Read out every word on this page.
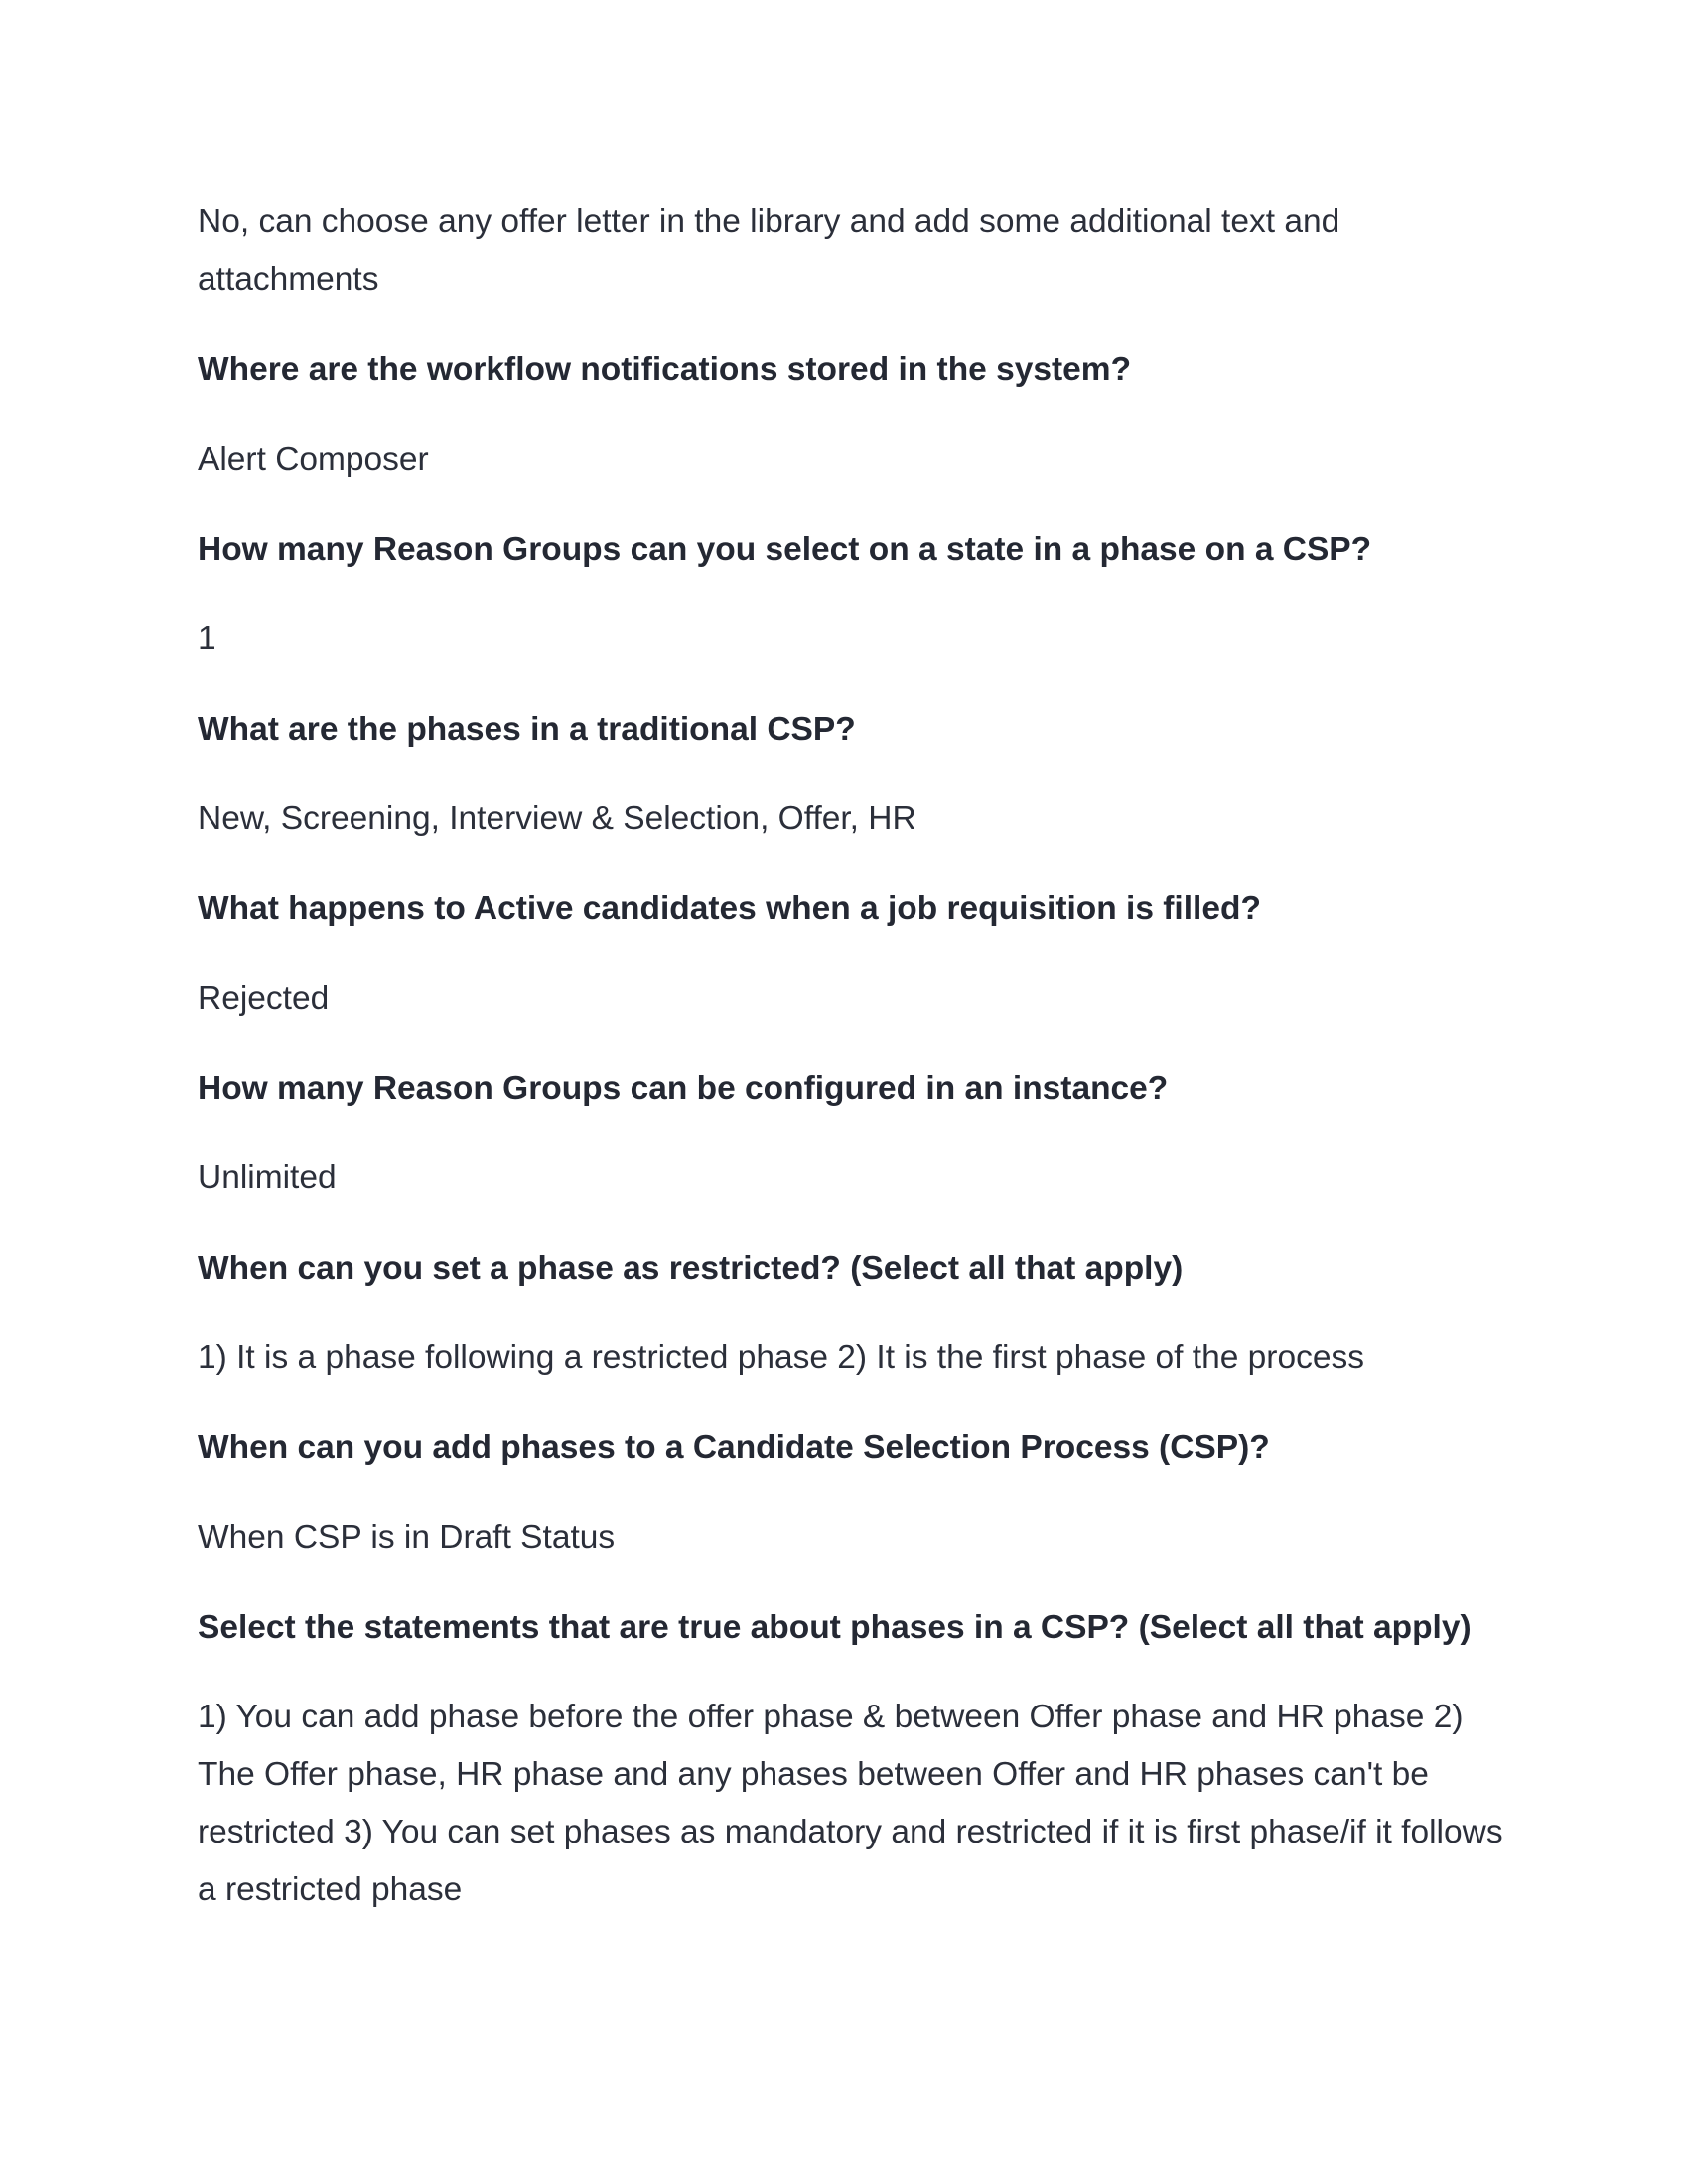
No, can choose any offer letter in the library and add some additional text and attachments

Where are the workflow notifications stored in the system?

Alert Composer

How many Reason Groups can you select on a state in a phase on a CSP?

1

What are the phases in a traditional CSP?

New, Screening, Interview & Selection, Offer, HR

What happens to Active candidates when a job requisition is filled?

Rejected

How many Reason Groups can be configured in an instance?

Unlimited

When can you set a phase as restricted? (Select all that apply)

1) It is a phase following a restricted phase 2) It is the first phase of the process

When can you add phases to a Candidate Selection Process (CSP)?

When CSP is in Draft Status

Select the statements that are true about phases in a CSP? (Select all that apply)

1) You can add phase before the offer phase & between Offer phase and HR phase 2) The Offer phase, HR phase and any phases between Offer and HR phases can't be restricted 3) You can set phases as mandatory and restricted if it is first phase/if it follows a restricted phase
